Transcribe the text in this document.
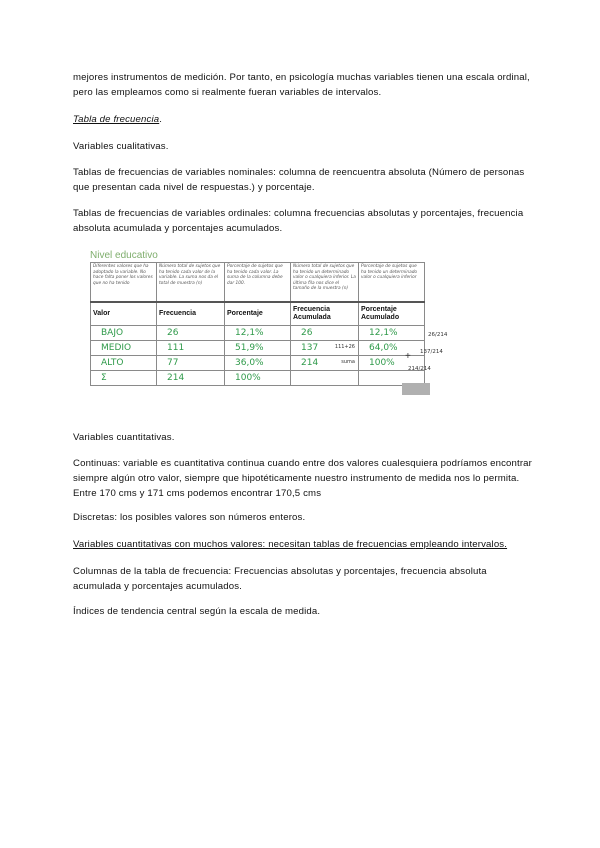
mejores instrumentos de medición. Por tanto, en psicología muchas variables tienen una escala ordinal, pero las empleamos como si realmente fueran variables de intervalos.
Tabla de frecuencia.
Variables cualitativas.
Tablas de frecuencias de variables nominales: columna de reencuentra absoluta (Número de personas que presentan cada nivel de respuestas.) y porcentaje.
Tablas de frecuencias de variables ordinales: columna frecuencias absolutas y porcentajes, frecuencia absoluta acumulada y porcentajes acumulados.
Nivel educativo
Diferentes valores que ha adoptado la variable. No hace falta poner los valores que no ha tenido	Número total de sujetos que ha tenido cada valor de la variable. La suma nos da el total de muestra (n)	Porcentaje de sujetos que ha tenido cada valor. La suma de la columna debe dar 100.	Número total de sujetos que ha tenido un determinado valor o cualquiera inferior. La última fila nos dice el tamaño de la muestra (n)	Porcentaje de sujetos que ha tenido un determinado valor o cualquiera inferior
Valor	Frecuencia	Porcentaje	Frecuencia Acumulada	Porcentaje Acumulado
BAJO	26	12,1%	26	12,1%
MEDIO	111	51,9%	137 111+26	64,0%
ALTO	77	36,0%	214 suma	100%
Σ	214	100%		
26/214
137/214
+
214/214
Variables cuantitativas.
Continuas: variable es cuantitativa continua cuando entre dos valores cualesquiera podríamos encontrar siempre algún otro valor, siempre que hipotéticamente nuestro instrumento de medida nos lo permita. Entre 170 cms y 171 cms podemos encontrar 170,5 cms
Discretas: los posibles valores son números enteros.
Variables cuantitativas con muchos valores: necesitan tablas de frecuencias empleando intervalos.
Columnas de la tabla de frecuencia: Frecuencias absolutas y porcentajes, frecuencia absoluta acumulada y porcentajes acumulados.
Índices de tendencia central según la escala de medida.
